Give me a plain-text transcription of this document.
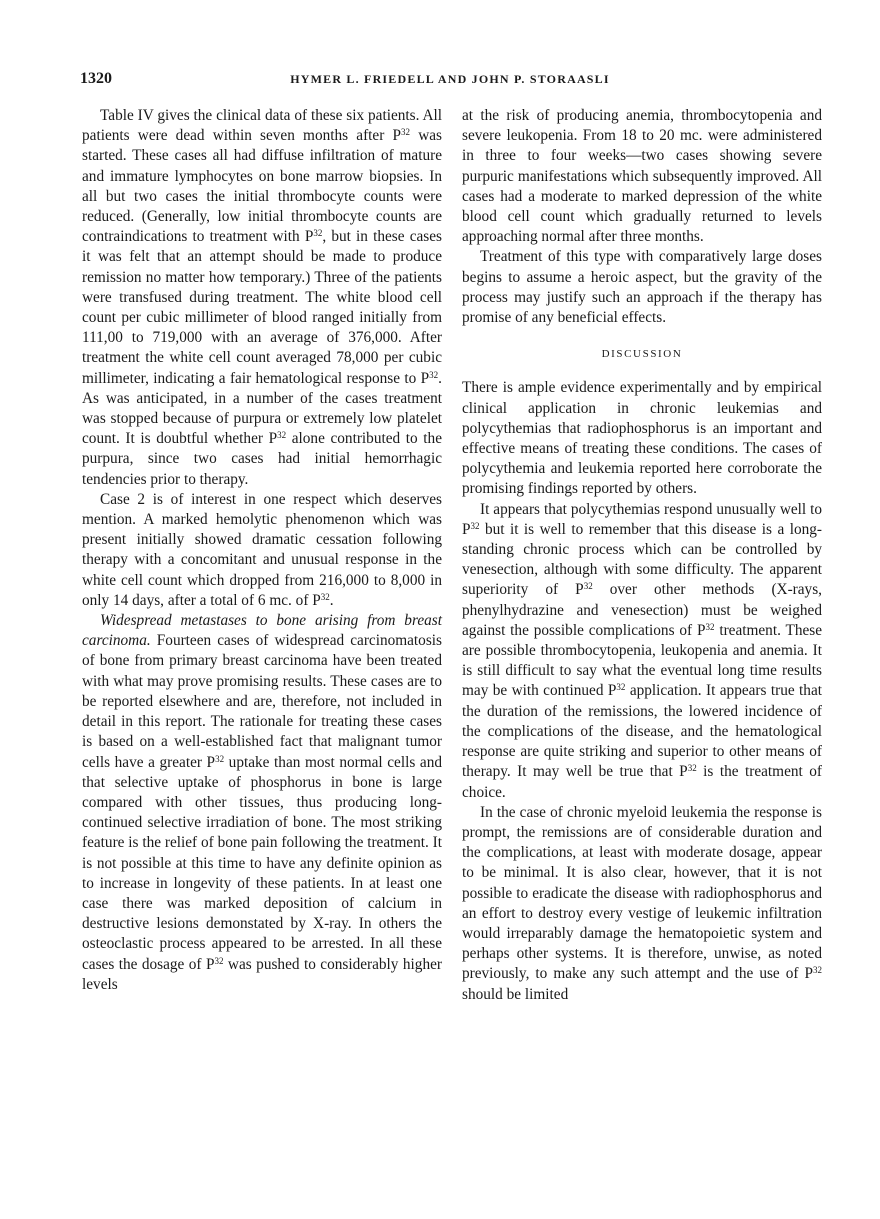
1320	HYMER L. FRIEDELL AND JOHN P. STORAASLI

Table IV gives the clinical data of these six patients. All patients were dead within seven months after $P^{32}$ was started. These cases all had diffuse infiltration of mature and immature lymphocytes on bone marrow biopsies. In all but two cases the initial thrombocyte counts were reduced. (Generally, low initial thrombocyte counts are contraindications to treatment with $P^{32}$, but in these cases it was felt that an attempt should be made to produce remission no matter how temporary.) Three of the patients were transfused during treatment. The white blood cell count per cubic millimeter of blood ranged initially from 111,00 to 719,000 with an average of 376,000. After treatment the white cell count averaged 78,000 per cubic millimeter, indicating a fair hematological response to $P^{32}$. As was anticipated, in a number of the cases treatment was stopped because of purpura or extremely low platelet count. It is doubtful whether $P^{32}$ alone contributed to the purpura, since two cases had initial hemorrhagic tendencies prior to therapy.

Case 2 is of interest in one respect which deserves mention. A marked hemolytic phenomenon which was present initially showed dramatic cessation following therapy with a concomitant and unusual response in the white cell count which dropped from 216,000 to 8,000 in only 14 days, after a total of 6 mc. of $P^{32}$.

Widespread metastases to bone arising from breast carcinoma. Fourteen cases of widespread carcinomatosis of bone from primary breast carcinoma have been treated with what may prove promising results. These cases are to be reported elsewhere and are, therefore, not included in detail in this report. The rationale for treating these cases is based on a well-established fact that malignant tumor cells have a greater $P^{32}$ uptake than most normal cells and that selective uptake of phosphorus in bone is large compared with other tissues, thus producing long-continued selective irradiation of bone. The most striking feature is the relief of bone pain following the treatment. It is not possible at this time to have any definite opinion as to increase in longevity of these patients. In at least one case there was marked deposition of calcium in destructive lesions demonstated by X-ray. In others the osteoclastic process appeared to be arrested. In all these cases the dosage of $P^{32}$ was pushed to considerably higher levels

at the risk of producing anemia, thrombocytopenia and severe leukopenia. From 18 to 20 mc. were administered in three to four weeks—two cases showing severe purpuric manifestations which subsequently improved. All cases had a moderate to marked depression of the white blood cell count which gradually returned to levels approaching normal after three months.

Treatment of this type with comparatively large doses begins to assume a heroic aspect, but the gravity of the process may justify such an approach if the therapy has promise of any beneficial effects.

DISCUSSION

There is ample evidence experimentally and by empirical clinical application in chronic leukemias and polycythemias that radiophosphorus is an important and effective means of treating these conditions. The cases of polycythemia and leukemia reported here corroborate the promising findings reported by others.

It appears that polycythemias respond unusually well to $P^{32}$ but it is well to remember that this disease is a long-standing chronic process which can be controlled by venesection, although with some difficulty. The apparent superiority of $P^{32}$ over other methods (X-rays, phenylhydrazine and venesection) must be weighed against the possible complications of $P^{32}$ treatment. These are possible thrombocytopenia, leukopenia and anemia. It is still difficult to say what the eventual long time results may be with continued $P^{32}$ application. It appears true that the duration of the remissions, the lowered incidence of the complications of the disease, and the hematological response are quite striking and superior to other means of therapy. It may well be true that $P^{32}$ is the treatment of choice.

In the case of chronic myeloid leukemia the response is prompt, the remissions are of considerable duration and the complications, at least with moderate dosage, appear to be minimal. It is also clear, however, that it is not possible to eradicate the disease with radiophosphorus and an effort to destroy every vestige of leukemic infiltration would irreparably damage the hematopoietic system and perhaps other systems. It is therefore, unwise, as noted previously, to make any such attempt and the use of $P^{32}$ should be limited
